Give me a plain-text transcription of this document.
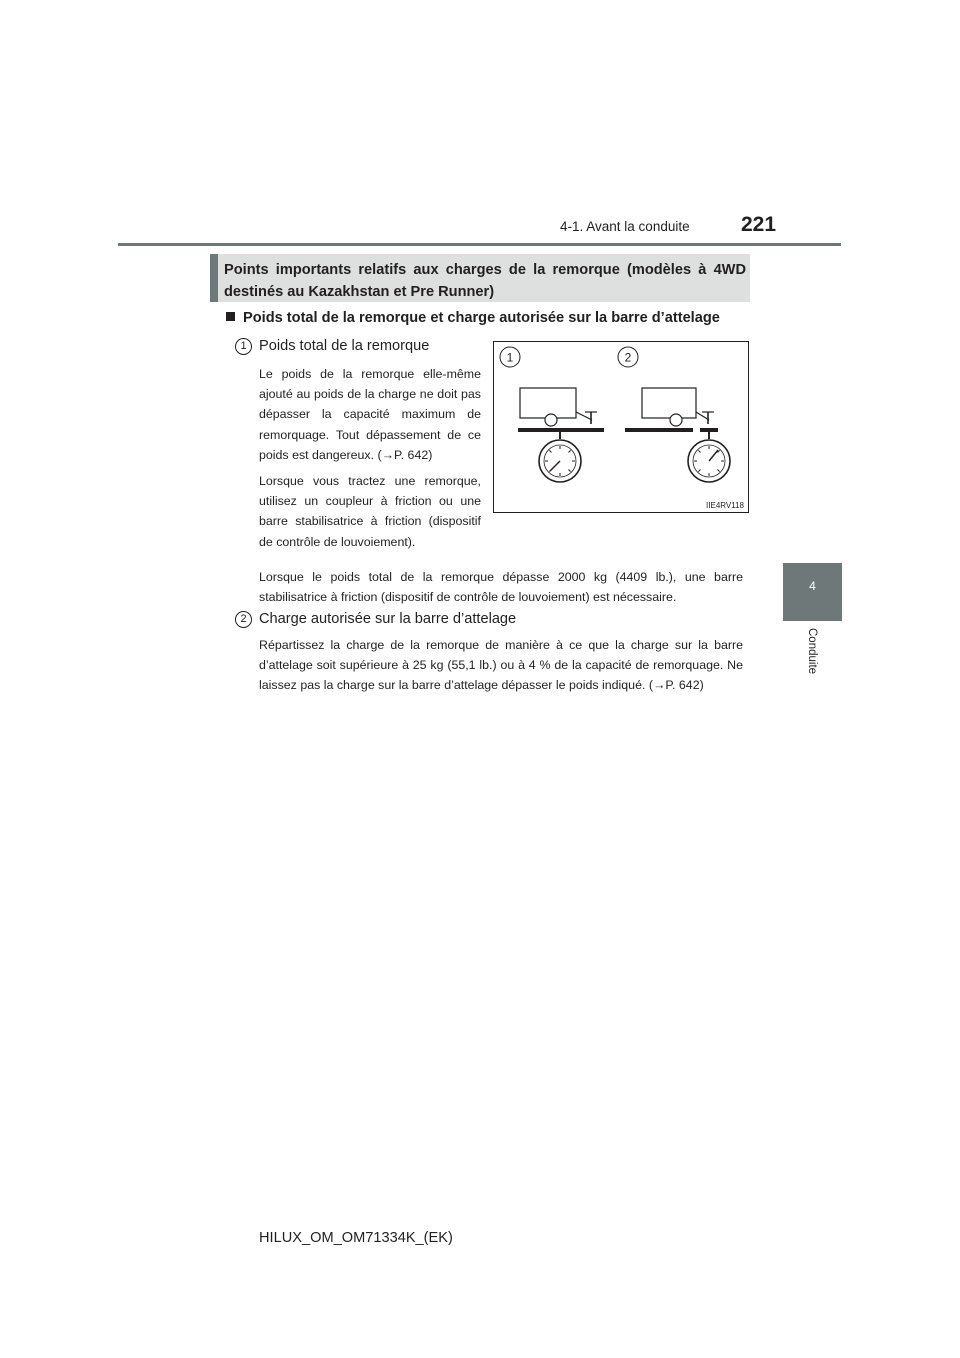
4-1. Avant la conduite 221
4
Conduite
Points importants relatifs aux charges de la remorque (modèles à 4WD destinés au Kazakhstan et Pre Runner)
Poids total de la remorque et charge autorisée sur la barre d’attelage
1 Poids total de la remorque

Le poids de la remorque elle-même ajouté au poids de la charge ne doit pas dépasser la capacité maximum de remorquage. Tout dépassement de ce poids est dangereux. (→P. 642)

Lorsque vous tractez une remorque, utilisez un coupleur à friction ou une barre stabilisatrice à friction (dispositif de contrôle de louvoiement).

Lorsque le poids total de la remorque dépasse 2000 kg (4409 lb.), une barre stabilisatrice à friction (dispositif de contrôle de louvoiement) est nécessaire.

2 Charge autorisée sur la barre d’attelage

Répartissez la charge de la remorque de manière à ce que la charge sur la barre d’attelage soit supérieure à 25 kg (55,1 lb.) ou à 4 % de la capacité de remorquage. Ne laissez pas la charge sur la barre d’attelage dépasser le poids indiqué. (→P. 642)

1	2
IIE4RV118
HILUX_OM_OM71334K_(EK)
